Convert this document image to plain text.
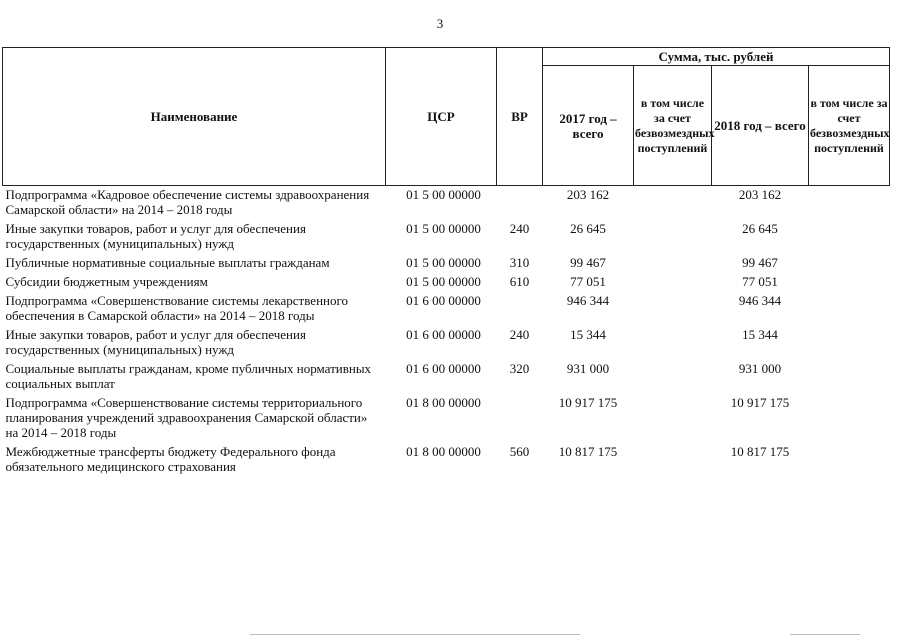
3
Наименование	ЦСР	ВР	Сумма, тыс. рублей			
			2017 год – всего	в том числе за счет безвозмездных поступлений	2018 год – всего	в том числе за счет безвозмездных поступлений
Подпрограмма «Кадровое обеспечение системы здравоохранения Самарской области» на 2014 – 2018 годы	01 5 00 00000		203 162		203 162	
Иные закупки товаров, работ и услуг для обеспечения государственных (муниципальных) нужд	01 5 00 00000	240	26 645		26 645	
Публичные нормативные социальные выплаты гражданам	01 5 00 00000	310	99 467		99 467	
Субсидии бюджетным учреждениям	01 5 00 00000	610	77 051		77 051	
Подпрограмма «Совершенствование системы лекарственного обеспечения в Самарской области» на 2014 – 2018 годы	01 6 00 00000		946 344		946 344	
Иные закупки товаров, работ и услуг для обеспечения государственных (муниципальных) нужд	01 6 00 00000	240	15 344		15 344	
Социальные выплаты гражданам, кроме публичных нормативных социальных выплат	01 6 00 00000	320	931 000		931 000	
Подпрограмма «Совершенствование системы территориального планирования учреждений здравоохранения Самарской области» на 2014 – 2018 годы	01 8 00 00000		10 917 175		10 917 175	
Межбюджетные трансферты бюджету Федерального фонда обязательного медицинского страхования	01 8 00 00000	560	10 817 175		10 817 175	
